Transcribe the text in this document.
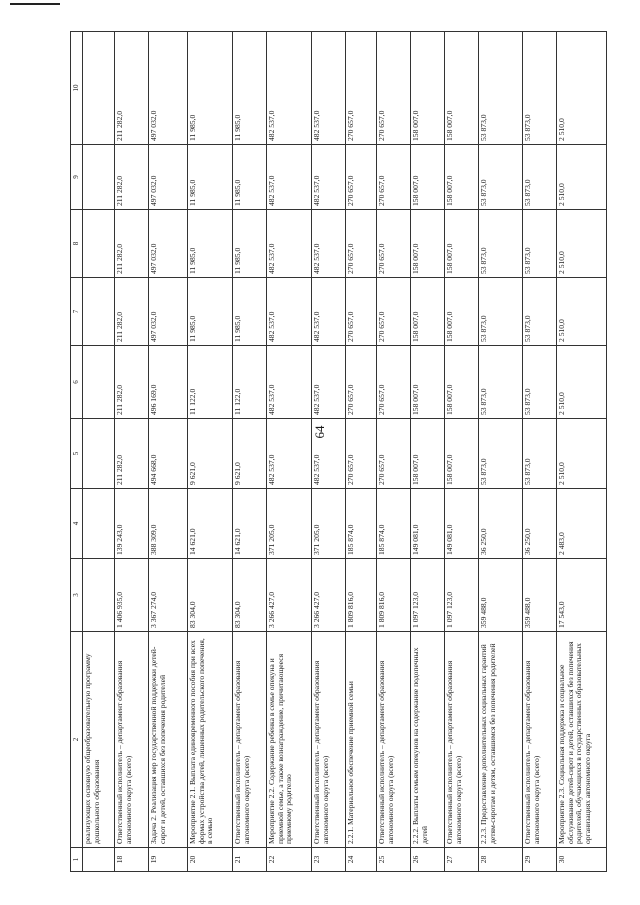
64
1	2	3	4	5	6	7	8	9	10
	реализующих основную общеобразовательную программу дошкольного образования								
18	Ответственный исполнитель – департамент образования автономного округа (всего)	1 406 935,0	139 243,0	211 282,0	211 282,0	211 282,0	211 282,0	211 282,0	211 282,0
19	Задача 2. Реализация мер государственной поддержки детей-сирот и детей, оставшихся без попечения родителей	3 367 274,0	388 309,0	494 668,0	496 169,0	497 032,0	497 032,0	497 032,0	497 032,0
20	Мероприятие 2.1. Выплата единовременного пособия при всех формах устройства детей, лишенных родительского попечения, в семью	83 304,0	14 621,0	9 621,0	11 122,0	11 985,0	11 985,0	11 985,0	11 985,0
21	Ответственный исполнитель – департамент образования автономного округа (всего)	83 304,0	14 621,0	9 621,0	11 122,0	11 985,0	11 985,0	11 985,0	11 985,0
22	Мероприятие 2.2. Содержание ребенка в семье опекуна и приемной семье, а также вознаграждение, причитающееся приемному родителю	3 266 427,0	371 205,0	482 537,0	482 537,0	482 537,0	482 537,0	482 537,0	482 537,0
23	Ответственный исполнитель – департамент образования автономного округа (всего)	3 266 427,0	371 205,0	482 537,0	482 537,0	482 537,0	482 537,0	482 537,0	482 537,0
24	2.2.1. Материальное обеспечение приемной семьи	1 809 816,0	185 874,0	270 657,0	270 657,0	270 657,0	270 657,0	270 657,0	270 657,0
25	Ответственный исполнитель – департамент образования автономного округа (всего)	1 809 816,0	185 874,0	270 657,0	270 657,0	270 657,0	270 657,0	270 657,0	270 657,0
26	2.2.2. Выплаты семьям опекунов на содержание подопечных детей	1 097 123,0	149 081,0	158 007,0	158 007,0	158 007,0	158 007,0	158 007,0	158 007,0
27	Ответственный исполнитель – департамент образования автономного округа (всего)	1 097 123,0	149 081,0	158 007,0	158 007,0	158 007,0	158 007,0	158 007,0	158 007,0
28	2.2.3. Предоставление дополнительных социальных гарантий детям-сиротам и детям, оставшимся без попечения родителей	359 488,0	36 250,0	53 873,0	53 873,0	53 873,0	53 873,0	53 873,0	53 873,0
29	Ответственный исполнитель – департамент образования автономного округа (всего)	359 488,0	36 250,0	53 873,0	53 873,0	53 873,0	53 873,0	53 873,0	53 873,0
30	Мероприятие 2.3. Социальная поддержка и социальное обслуживание детей-сирот и детей, оставшихся без попечения родителей, обучающихся в государственных образовательных организациях автономного округа	17 543,0	2 483,0	2 510,0	2 510,0	2 510,0	2 510,0	2 510,0	2 510,0
